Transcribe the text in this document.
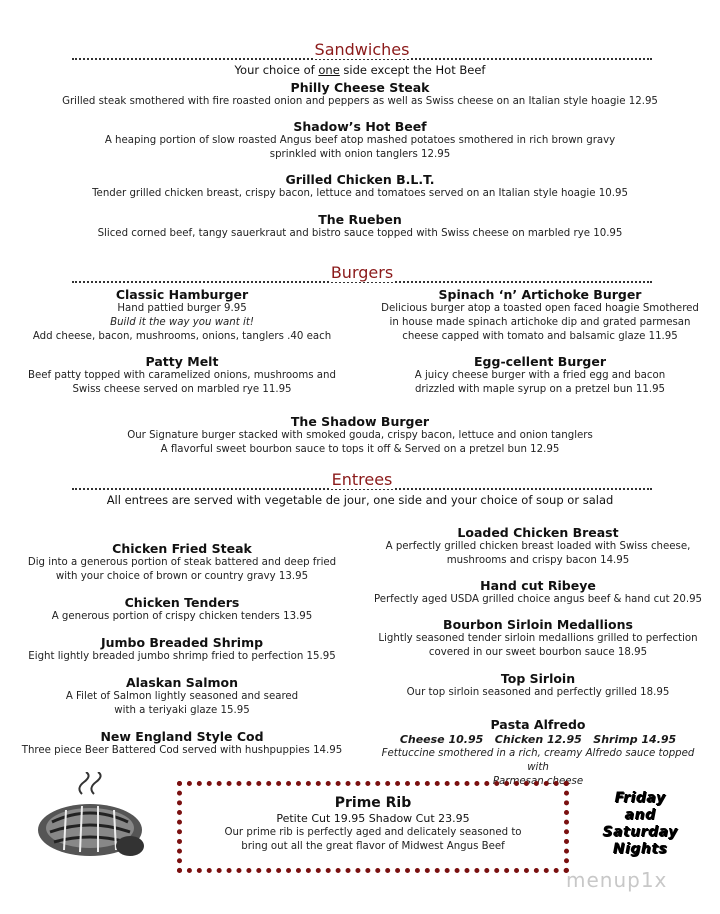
Sandwiches
Your choice of one side except the Hot Beef
Philly Cheese Steak
Grilled steak smothered with fire roasted onion and peppers as well as Swiss cheese on an Italian style hoagie 12.95
Shadow’s Hot Beef
A heaping portion of slow roasted Angus beef atop mashed potatoes smothered in rich brown gravy
sprinkled with onion tanglers 12.95
Grilled Chicken B.L.T.
Tender grilled chicken breast, crispy bacon, lettuce and tomatoes served on an Italian style hoagie 10.95
The Rueben
Sliced corned beef, tangy sauerkraut and bistro sauce topped with Swiss cheese on marbled rye 10.95
Burgers
Classic Hamburger
Hand pattied burger 9.95
Build it the way you want it!
Add cheese, bacon, mushrooms, onions, tanglers .40 each
Spinach ‘n’ Artichoke Burger
Delicious burger atop a toasted open faced hoagie Smothered
in house made spinach artichoke dip and grated parmesan
cheese capped with tomato and balsamic glaze 11.95
Patty Melt
Beef patty topped with caramelized onions, mushrooms and
Swiss cheese served on marbled rye 11.95
Egg-cellent Burger
A juicy cheese burger with a fried egg and bacon
drizzled with maple syrup on a pretzel bun 11.95
The Shadow Burger
Our Signature burger stacked with smoked gouda, crispy bacon, lettuce and onion tanglers
A flavorful sweet bourbon sauce to tops it off & Served on a pretzel bun 12.95
Entrees
All entrees are served with vegetable de jour, one side and your choice of soup or salad
Chicken Fried Steak
Dig into a generous portion of steak battered and deep fried
with your choice of brown or country gravy 13.95
Chicken Tenders
A generous portion of crispy chicken tenders 13.95
Jumbo Breaded Shrimp
Eight lightly breaded jumbo shrimp fried to perfection 15.95
Alaskan Salmon
A Filet of Salmon lightly seasoned and seared
with a teriyaki glaze 15.95
New England Style Cod
Three piece Beer Battered Cod served with hushpuppies 14.95
Loaded Chicken Breast
A perfectly grilled chicken breast loaded with Swiss cheese,
mushrooms and crispy bacon 14.95
Hand cut Ribeye
Perfectly aged USDA grilled choice angus beef & hand cut 20.95
Bourbon Sirloin Medallions
Lightly seasoned tender sirloin medallions grilled to perfection
covered in our sweet bourbon sauce 18.95
Top Sirloin
Our top sirloin seasoned and perfectly grilled 18.95
Pasta Alfredo
Cheese 10.95   Chicken 12.95   Shrimp 14.95
Fettuccine smothered in a rich, creamy Alfredo sauce topped with
Parmesan cheese
Prime Rib
Petite Cut 19.95 Shadow Cut 23.95
Our prime rib is perfectly aged and delicately seasoned to
bring out all the great flavor of Midwest Angus Beef
Friday
and
Saturday
Nights
menup1x
